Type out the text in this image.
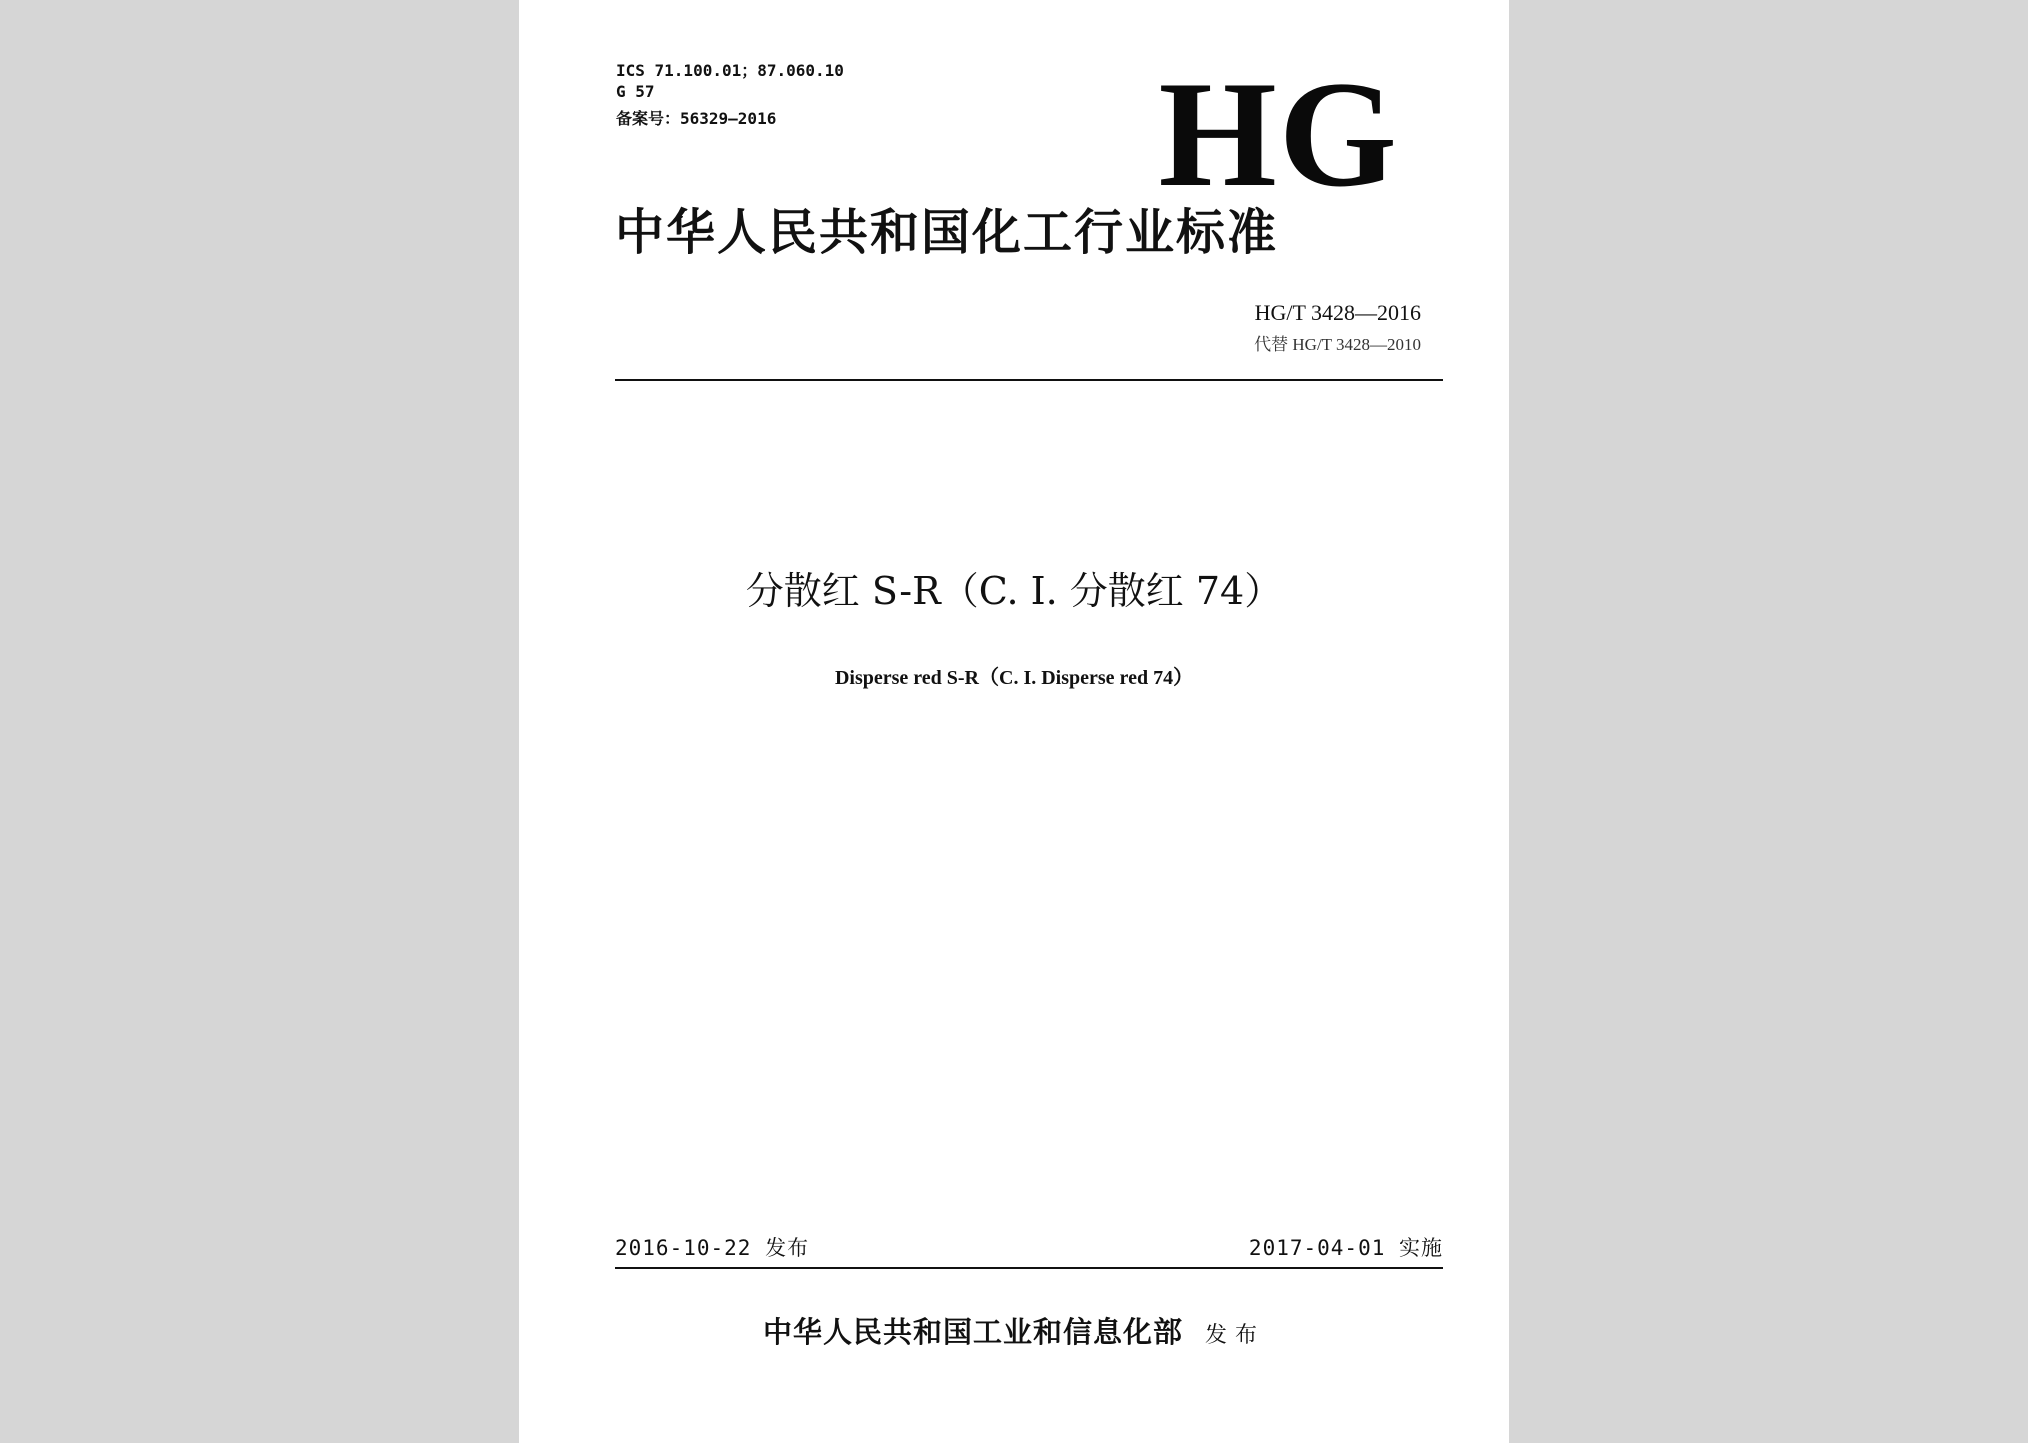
ICS 71.100.01；87.060.10
G 57
备案号：56329—2016	HG
中华人民共和国化工行业标准
HG/T 3428—2016
代替 HG/T 3428—2010
分散红 S-R（C. I. 分散红 74）
Disperse red S-R（C. I. Disperse red 74）
2016-10-22 发布	2017-04-01 实施
中华人民共和国工业和信息化部 发布
